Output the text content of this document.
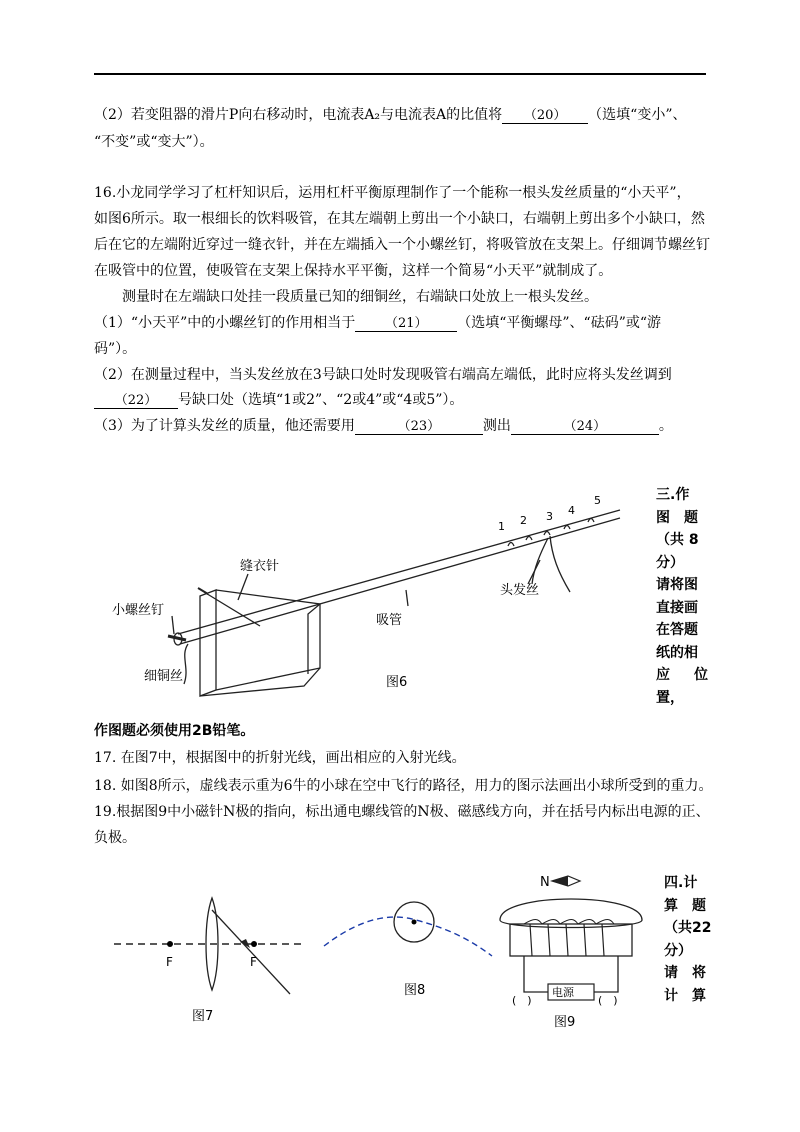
（2）若变阻器的滑片P向右移动时，电流表A₂与电流表A的比值将 （20） （选填“变小”、
“不变”或“变大”）。
16.小龙同学学习了杠杆知识后，运用杠杆平衡原理制作了一个能称一根头发丝质量的“小天平”，
如图6所示。取一根细长的饮料吸管，在其左端朝上剪出一个小缺口，右端朝上剪出多个小缺口，然
后在它的左端附近穿过一缝衣针，并在左端插入一个小螺丝钉，将吸管放在支架上。仔细调节螺丝钉
在吸管中的位置，使吸管在支架上保持水平平衡，这样一个简易“小天平”就制成了。
测量时在左端缺口处挂一段质量已知的细铜丝，右端缺口处放上一根头发丝。
（1）“小天平”中的小螺丝钉的作用相当于 （21） （选填“平衡螺母”、“砝码”或“游
码”）。
（2）在测量过程中，当头发丝放在3号缺口处时发现吸管右端高左端低，此时应将头发丝调到
（22） 号缺口处（选填“1或2”、“2或4”或“4或5”）。
（3）为了计算头发丝的质量，他还需要用	（23）	测出	（24）	。
缝衣针
小螺丝钉
吸管
细铜丝
头发丝
1 2 3 4
5
图6
三.作
图　题
（共 8
分）
请将图
直接画
在答题
纸的相
应位置，
作图题必须使用2B铅笔。
17. 在图7中，根据图中的折射光线，画出相应的入射光线。
18. 如图8所示，虚线表示重为6牛的小球在空中飞行的路径，用力的图示法画出小球所受到的重力。
19.根据图9中小磁针N极的指向，标出通电螺线管的N极、磁感线方向，并在括号内标出电源的正、
负极。
F	F
图7
图8
N
电源
(　)	(　)
图9
四.计
算　题
（共22
分）
请　将
计　算
